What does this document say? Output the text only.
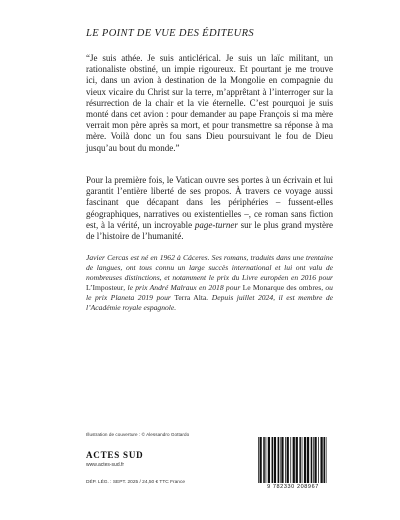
LE POINT DE VUE DES ÉDITEURS
“Je suis athée. Je suis anticlérical. Je suis un laïc militant, un rationaliste obstiné, un impie rigoureux. Et pourtant je me trouve ici, dans un avion à destination de la Mongolie en compagnie du vieux vicaire du Christ sur la terre, m’apprêtant à l’interroger sur la résurrection de la chair et la vie éternelle. C’est pourquoi je suis monté dans cet avion : pour demander au pape François si ma mère verrait mon père après sa mort, et pour transmettre sa réponse à ma mère. Voilà donc un fou sans Dieu poursuivant le fou de Dieu jusqu’au bout du monde.”
Pour la première fois, le Vatican ouvre ses portes à un écrivain et lui garantit l’entière liberté de ses propos. À travers ce voyage aussi fascinant que décapant dans les périphéries – fussent-elles géographiques, narratives ou existentielles –, ce roman sans fiction est, à la vérité, un incroyable page-turner sur le plus grand mystère de l’histoire de l’humanité.
Javier Cercas est né en 1962 à Cáceres. Ses romans, traduits dans une trentaine de langues, ont tous connu un large succès international et lui ont valu de nombreuses distinctions, et notamment le prix du Livre européen en 2016 pour L’Imposteur, le prix André Malraux en 2018 pour Le Monarque des ombres, ou le prix Planeta 2019 pour Terra Alta. Depuis juillet 2024, il est membre de l’Académie royale espagnole.
Illustration de couverture : © Alessandro Gottardo
ACTES SUD
www.actes-sud.fr
DÉP. LÉG. : SEPT. 2025 / 24,50 € TTC France
9 782330 208967
